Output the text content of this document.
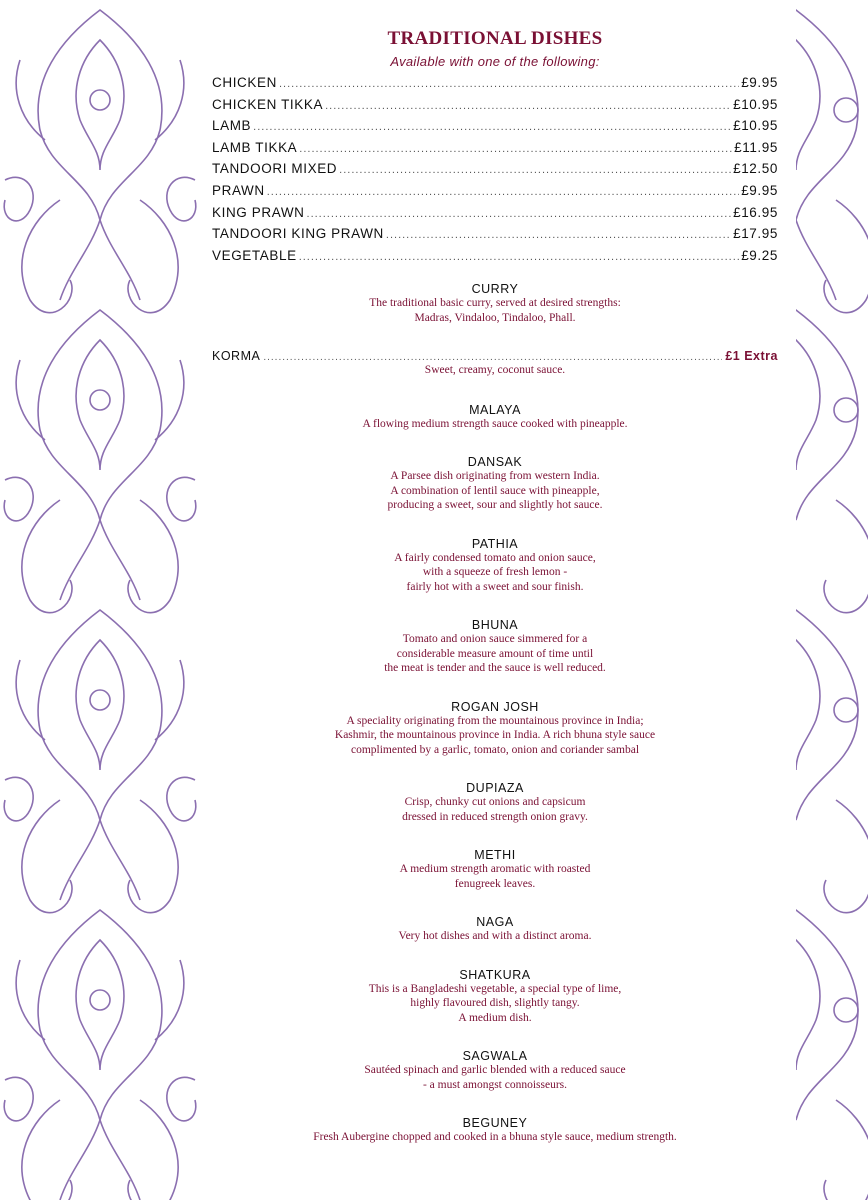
TRADITIONAL DISHES
Available with one of the following:
CHICKEN .....	£9.95
CHICKEN TIKKA .....	£10.95
LAMB .....	£10.95
LAMB TIKKA .....	£11.95
TANDOORI MIXED .....	£12.50
PRAWN .....	£9.95
KING PRAWN .....	£16.95
TANDOORI KING PRAWN .....	£17.95
VEGETABLE .....	£9.25
CURRY
The traditional basic curry, served at desired strengths:
Madras, Vindaloo, Tindaloo, Phall.
KORMA .....	£1 Extra
Sweet, creamy, coconut sauce.
MALAYA
A flowing medium strength sauce cooked with pineapple.
DANSAK
A Parsee dish originating from western India.
A combination of lentil sauce with pineapple,
producing a sweet, sour and slightly hot sauce.
PATHIA
A fairly condensed tomato and onion sauce,
with a squeeze of fresh lemon -
fairly hot with a sweet and sour finish.
BHUNA
Tomato and onion sauce simmered for a
considerable measure amount of time until
the meat is tender and the sauce is well reduced.
ROGAN JOSH
A speciality originating from the mountainous province in India;
Kashmir, the mountainous province in India. A rich bhuna style sauce
complimented by a garlic, tomato, onion and coriander sambal
DUPIAZA
Crisp, chunky cut onions and capsicum
dressed in reduced strength onion gravy.
METHI
A medium strength aromatic with roasted
fenugreek leaves.
NAGA
Very hot dishes and with a distinct aroma.
SHATKURA
This is a Bangladeshi vegetable, a special type of lime,
highly flavoured dish, slightly tangy.
A medium dish.
SAGWALA
Sautéed spinach and garlic blended with a reduced sauce
- a must amongst connoisseurs.
BEGUNEY
Fresh Aubergine chopped and cooked in a bhuna style sauce, medium strength.
